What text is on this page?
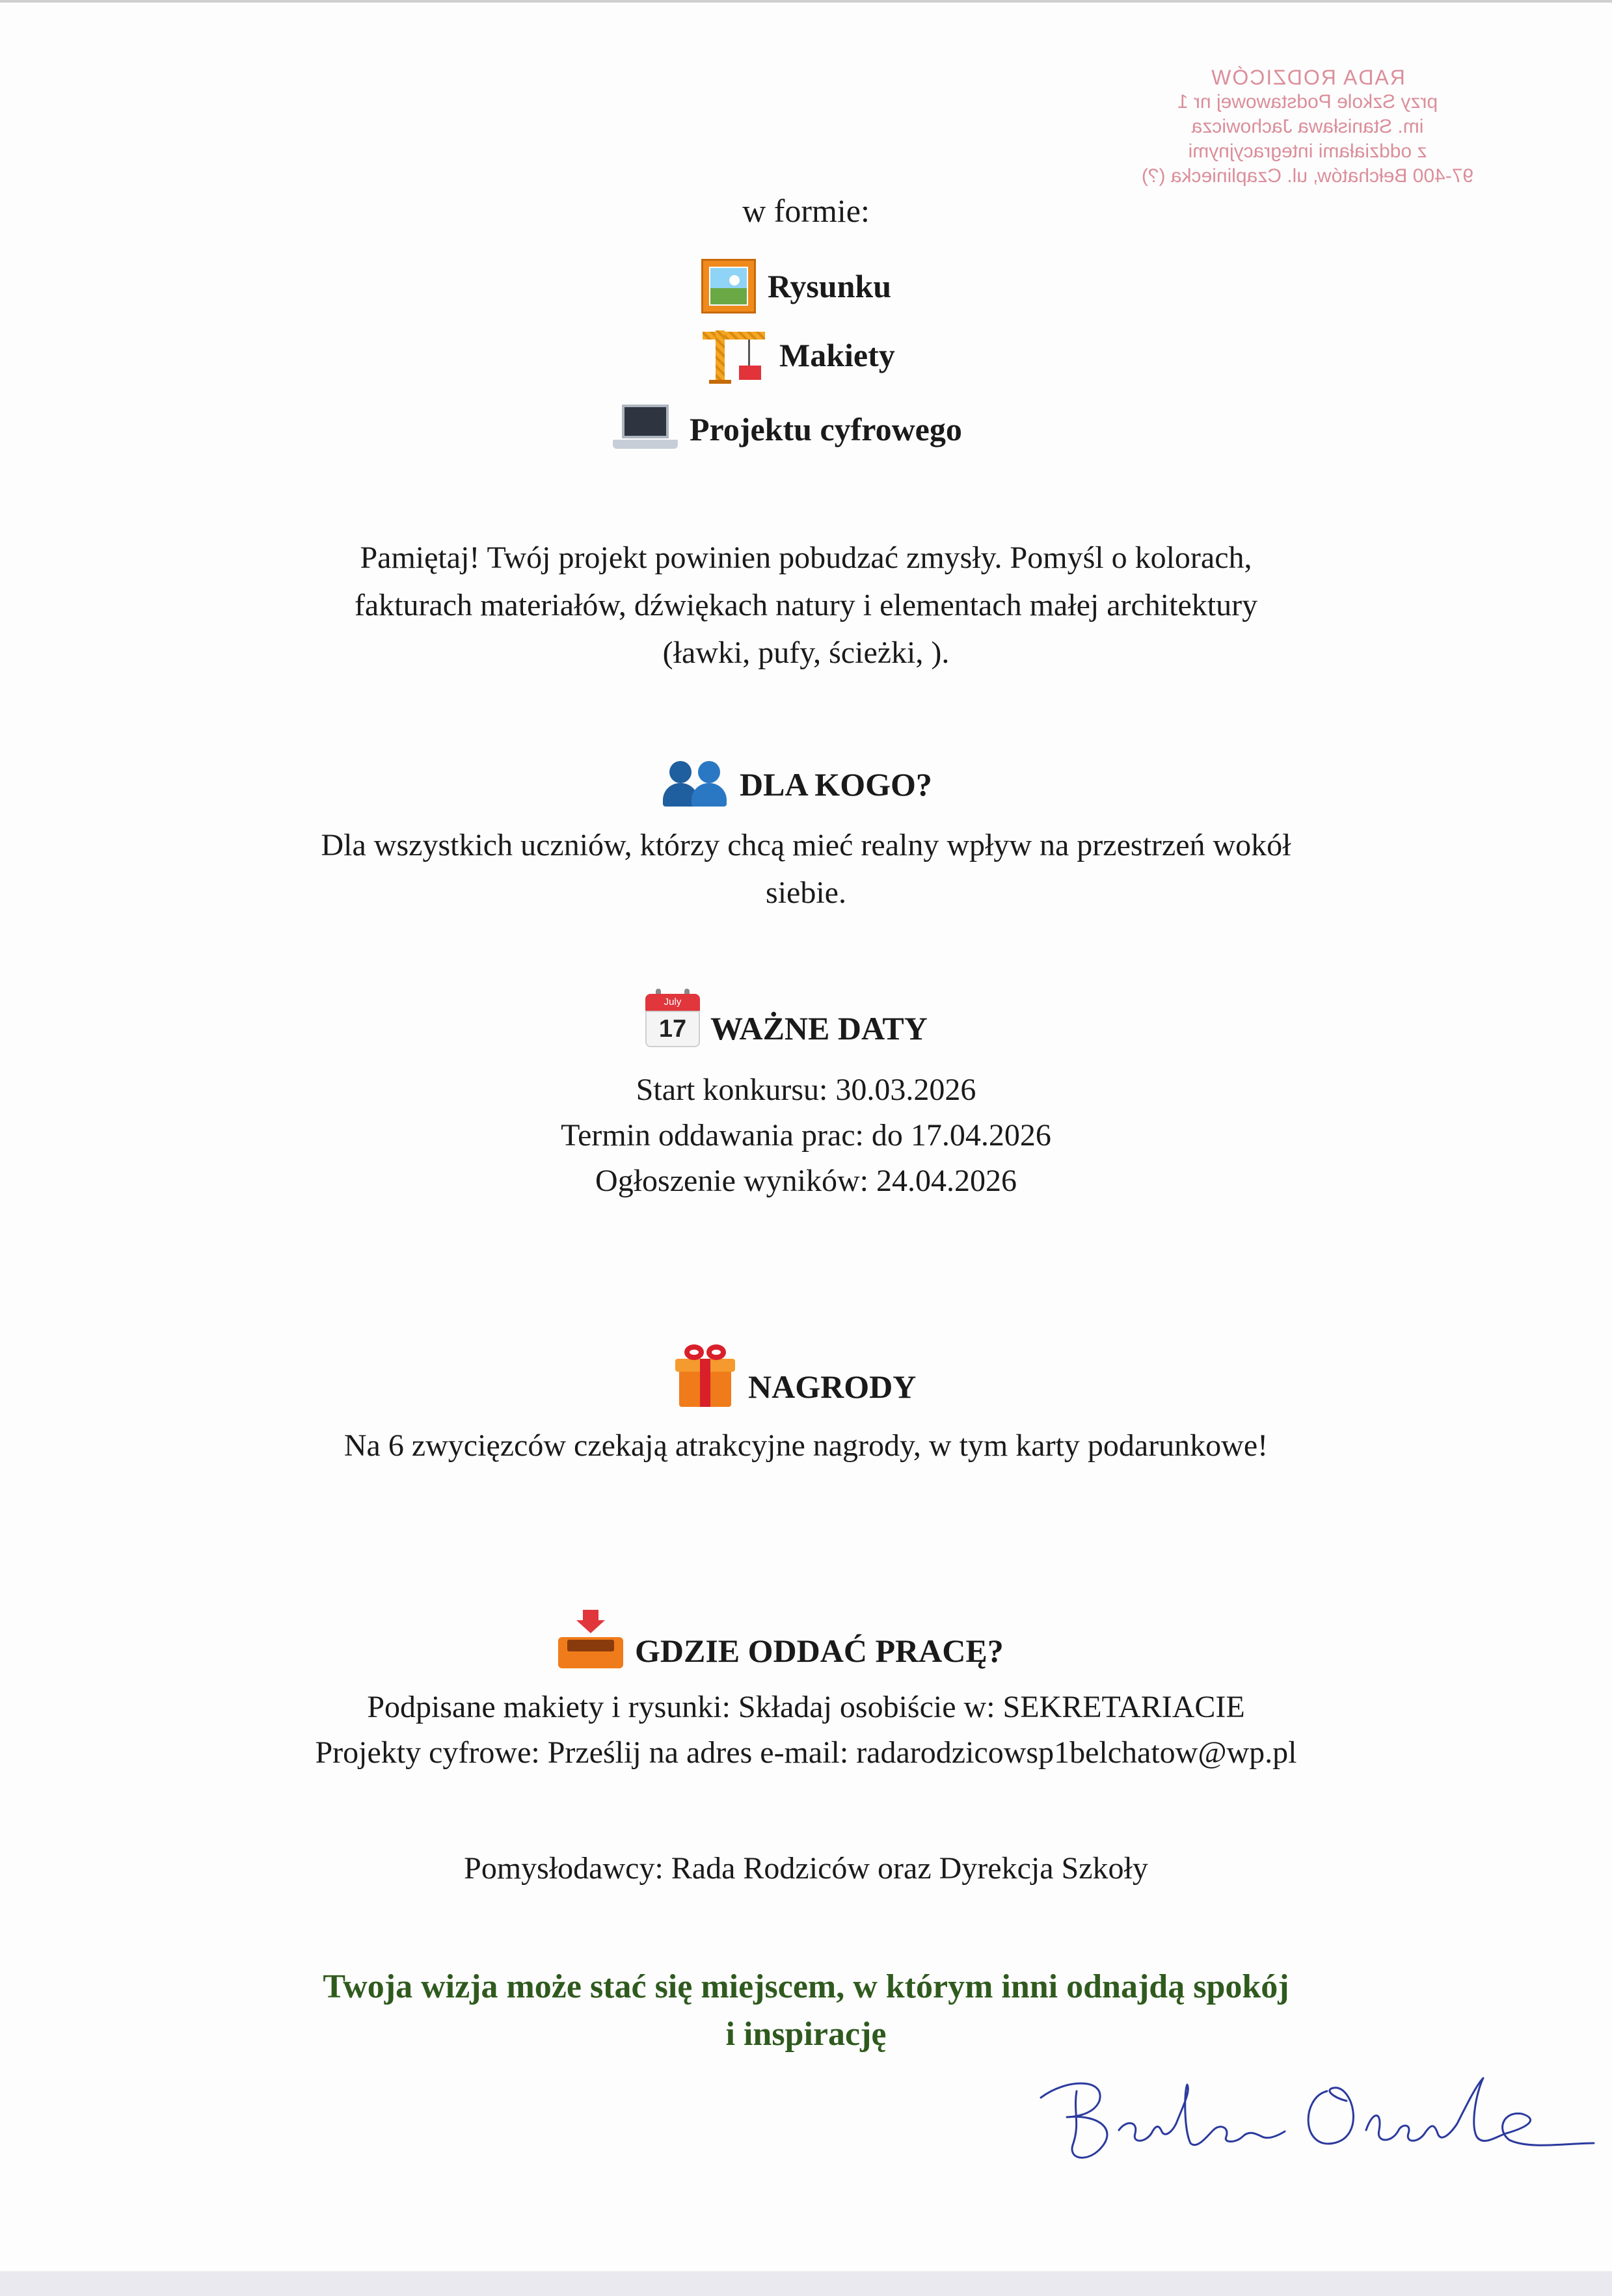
RADA RODZICÓW
przy Szkole Podstawowej nr 1
im. Stanisława Jachowicza
z oddziałami integracyjnymi
97-400 Bełchatów, ul. Czapliniecka (?)
w formie:
Rysunku
Makiety
Projektu cyfrowego
Pamiętaj! Twój projekt powinien pobudzać zmysły. Pomyśl o kolorach,
fakturach materiałów, dźwiękach natury i elementach małej architektury
(ławki, pufy, ścieżki, ).
DLA KOGO?
Dla wszystkich uczniów, którzy chcą mieć realny wpływ na przestrzeń wokół
siebie.
July
17 WAŻNE DATY
Start konkursu: 30.03.2026
Termin oddawania prac: do 17.04.2026
Ogłoszenie wyników: 24.04.2026
NAGRODY
Na 6 zwycięzców czekają atrakcyjne nagrody, w tym karty podarunkowe!
GDZIE ODDAĆ PRACĘ?
Podpisane makiety i rysunki: Składaj osobiście w: SEKRETARIACIE
Projekty cyfrowe: Prześlij na adres e-mail: radarodzicowsp1belchatow@wp.pl
Pomysłodawcy: Rada Rodziców oraz Dyrekcja Szkoły
Twoja wizja może stać się miejscem, w którym inni odnajdą spokój
i inspirację
